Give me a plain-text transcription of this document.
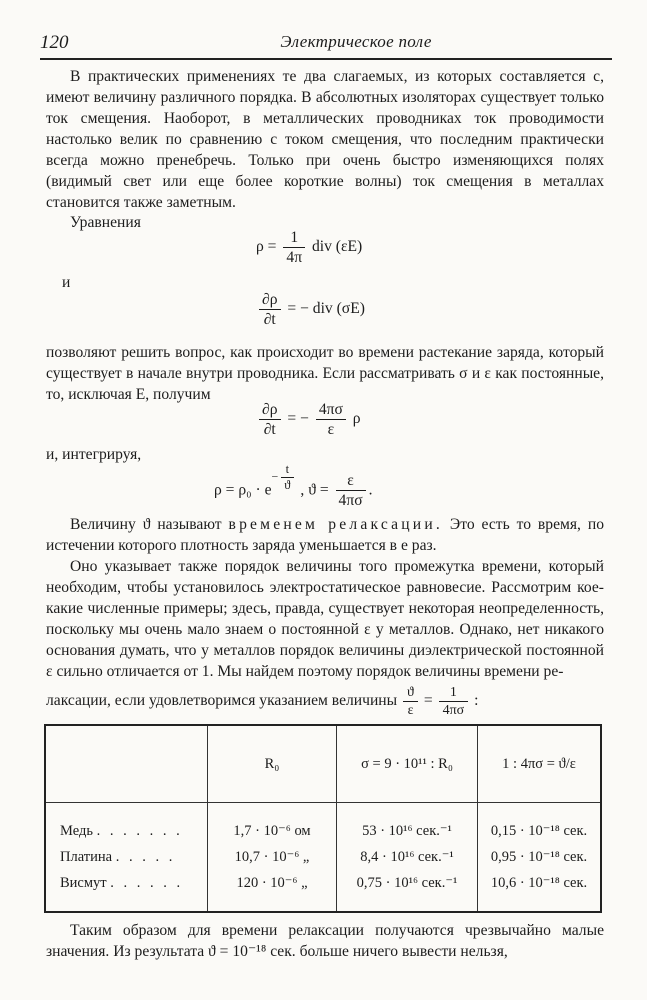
120	Электрическое поле

В практических применениях те два слагаемых, из которых составляется c, имеют величину различного порядка. В абсолютных изоляторах существует только ток смещения. Наоборот, в металлических проводниках ток проводимости настолько велик по сравнению с током смещения, что последним практически всегда можно пренебречь. Только при очень быстро изменяющихся полях (видимый свет или еще более короткие волны) ток смещения в металлах становится также заметным.

Уравнения
$\rho = \frac{1}{4\pi}$ div (εE)
и
$\frac{\partial\rho}{\partial t}$ = − div (σE)

позволяют решить вопрос, как происходит во времени растекание заряда, который существует в начале внутри проводника. Если рассматривать σ и ε как постоянные, то, исключая E, получим

$\frac{\partial\rho}{\partial t}$ = − $\frac{4\pi\sigma}{\varepsilon}$ ρ
и, интегрируя,
$\rho = \rho_0 \cdot e- \frac{t}{ϑ}$ , $ϑ = \frac{\varepsilon}{4\pi\sigma}$ .

Величину ϑ называют временем релаксации. Это есть то время, по истечении которого плотность заряда уменьшается в e раз.

Оно указывает также порядок величины того промежутка времени, который необходим, чтобы установилось электростатическое равновесие. Рассмотрим кое-какие численные примеры; здесь, правда, существует некоторая неопределенность, поскольку мы очень мало знаем о постоянной ε у металлов. Однако, нет никакого основания думать, что у металлов порядок величины диэлектрической постоянной ε сильно отличается от 1. Мы найдем поэтому порядок величины времени ре-

лаксации, если удовлетворимся указанием величины $\frac{ϑ}{\varepsilon} = \frac{1}{4\pi\sigma}$ :
	R₀	σ = 9 · 10¹¹ : R₀	1 : 4πσ = ϑ/ε
Медь . . . . . . .	1,7 · 10⁻⁶ ом	53 · 10¹⁶ сек.⁻¹	0,15 · 10⁻¹⁸ сек.
Платина . . . . .	10,7 · 10⁻⁶ „	8,4 · 10¹⁶ сек.⁻¹	0,95 · 10⁻¹⁸ сек.
Висмут . . . . . .	120 · 10⁻⁶ „	0,75 · 10¹⁶ сек.⁻¹	10,6 · 10⁻¹⁸ сек.

Таким образом для времени релаксации получаются чрезвычайно малые значения. Из результата ϑ = 10⁻¹⁸ сек. больше ничего вывести нельзя,
